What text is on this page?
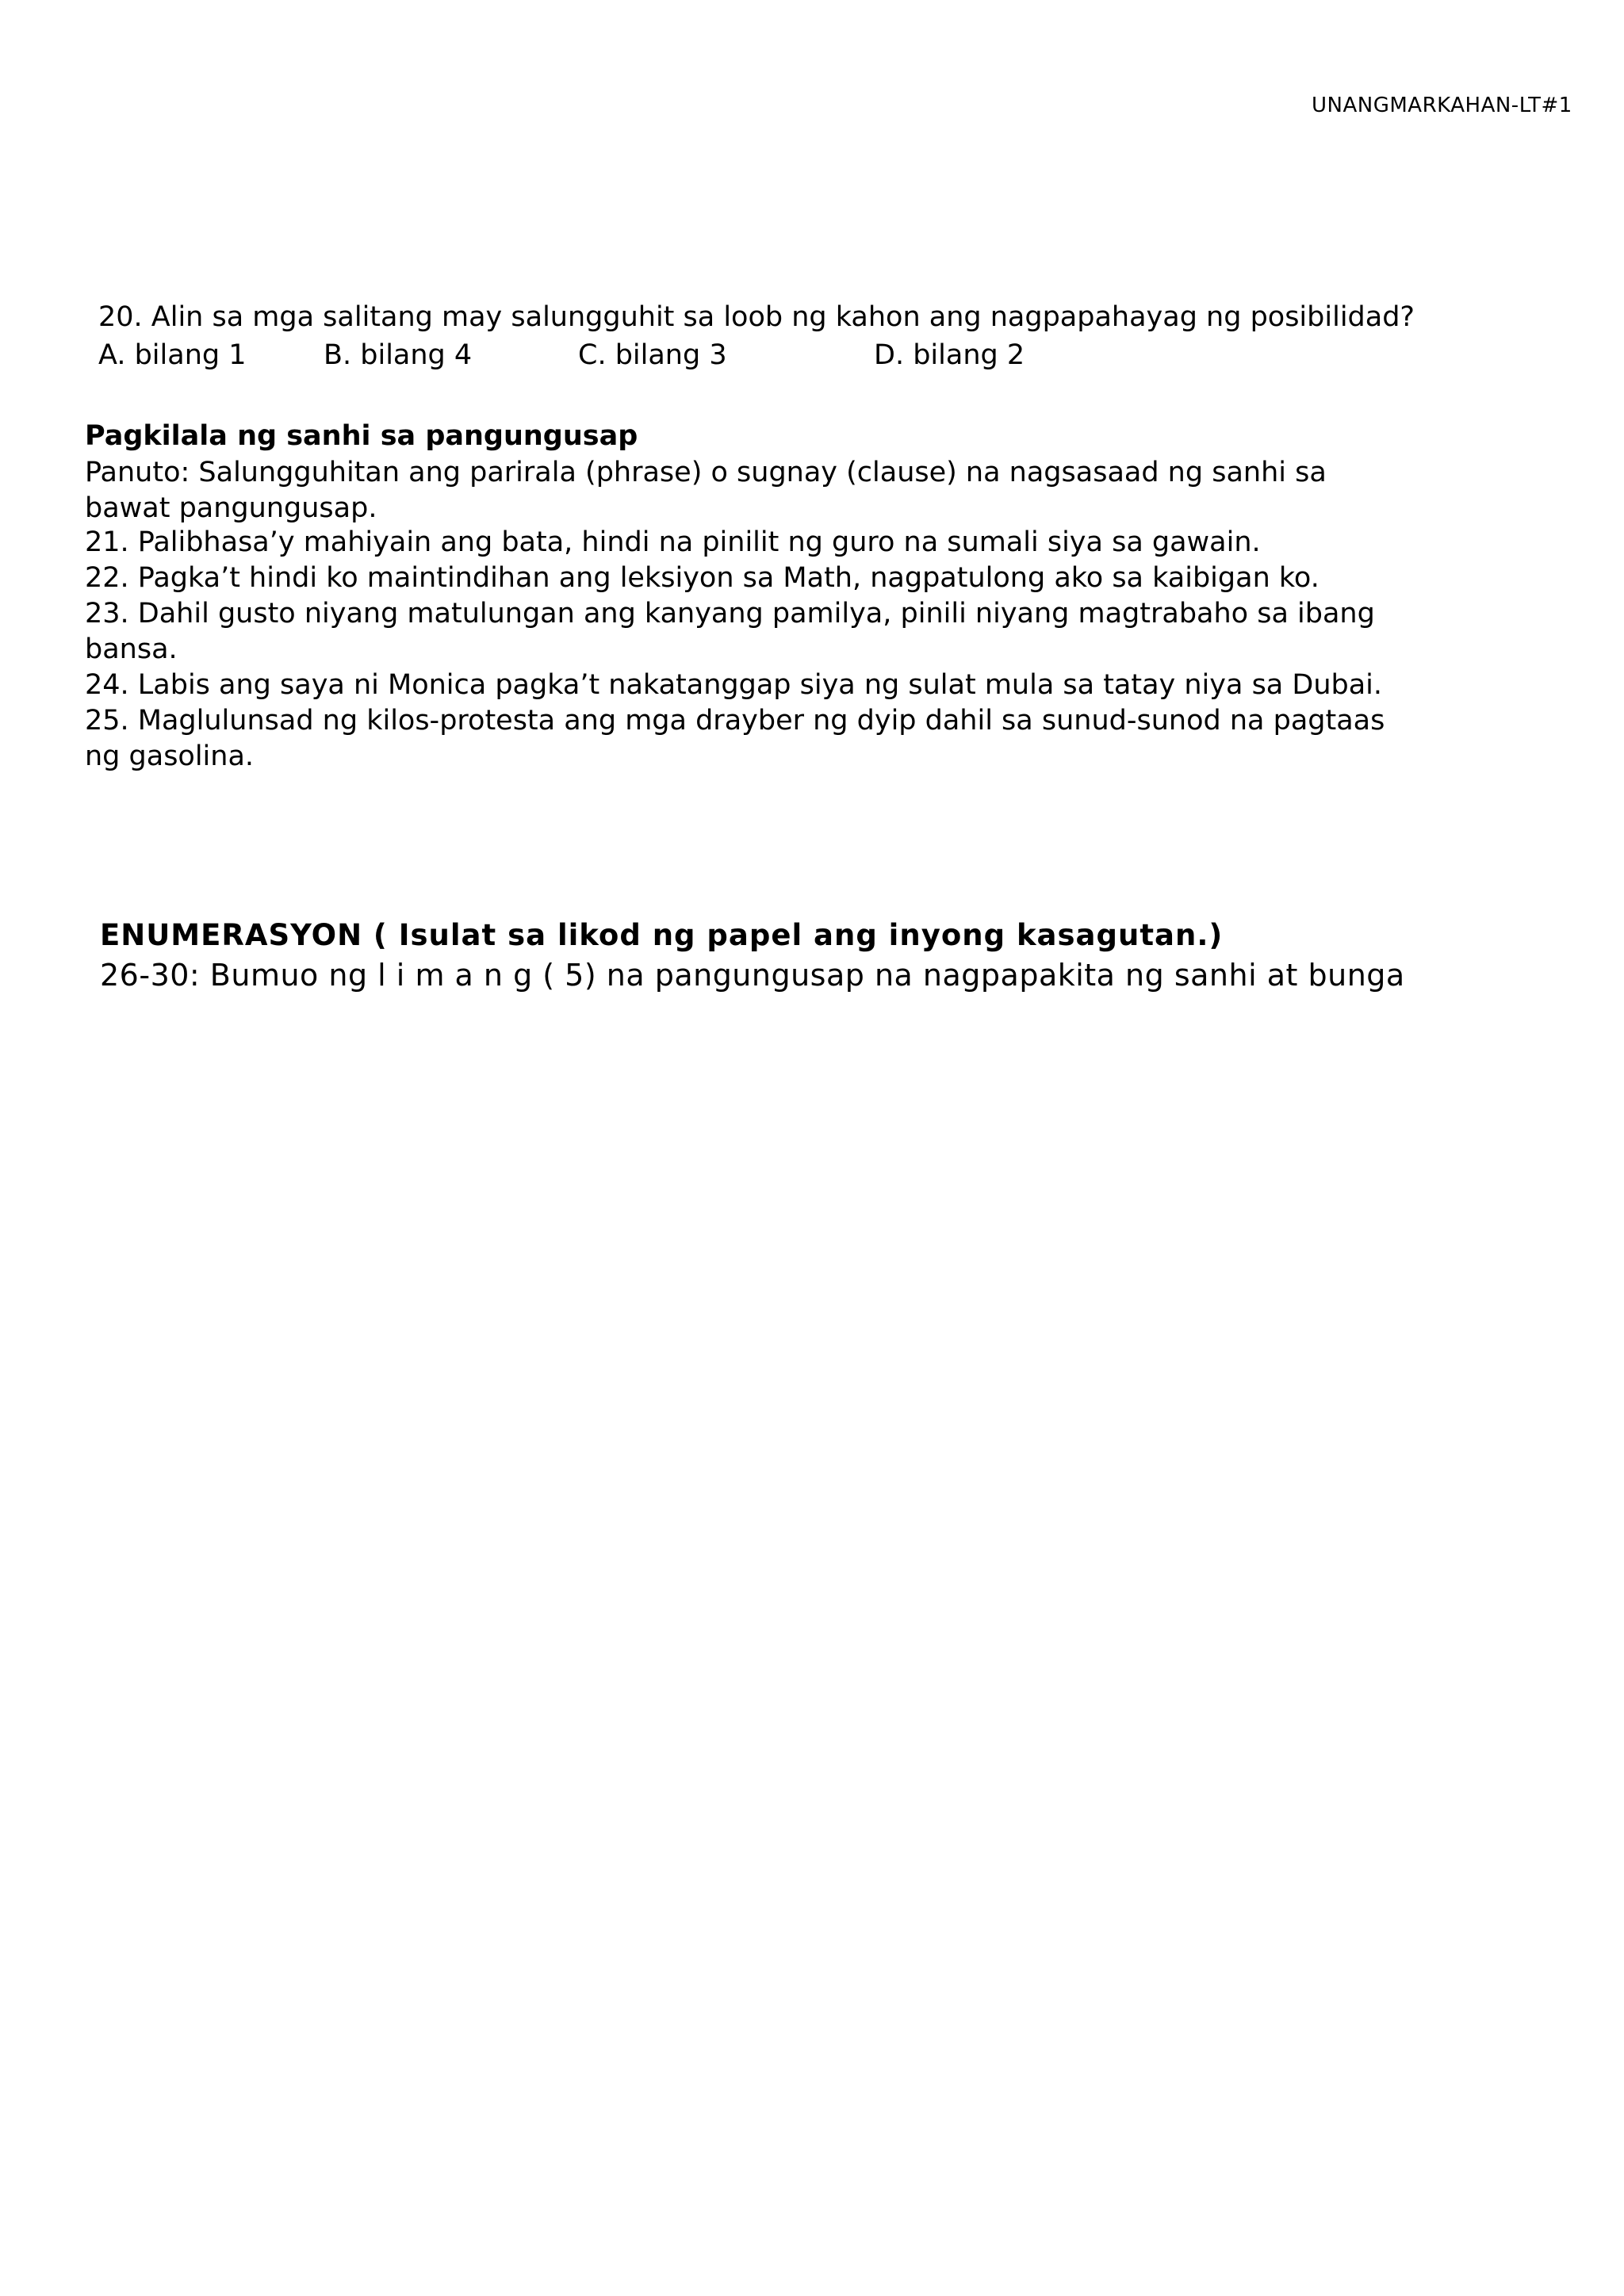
UNANGMARKAHAN-LT#1
20. Alin sa mga salitang may salungguhit sa loob ng kahon ang nagpapahayag ng posibilidad?
A. bilang 1	B. bilang 4	C. bilang 3	D. bilang 2
Pagkilala ng sanhi sa pangungusap
Panuto: Salungguhitan ang parirala (phrase) o sugnay (clause) na nagsasaad ng sanhi sa bawat pangungusap.
21. Palibhasa’y mahiyain ang bata, hindi na pinilit ng guro na sumali siya sa gawain.
22. Pagka’t hindi ko maintindihan ang leksiyon sa Math, nagpatulong ako sa kaibigan ko.
23. Dahil gusto niyang matulungan ang kanyang pamilya, pinili niyang magtrabaho sa ibang bansa.
24. Labis ang saya ni Monica pagka’t nakatanggap siya ng sulat mula sa tatay niya sa Dubai.
25. Maglulunsad ng kilos-protesta ang mga drayber ng dyip dahil sa sunud-sunod na pagtaas ng gasolina.
ENUMERASYON ( Isulat sa likod ng papel ang inyong kasagutan.)
26-30: Bumuo ng l i m a n g ( 5) na pangungusap na nagpapakita ng sanhi at bunga
